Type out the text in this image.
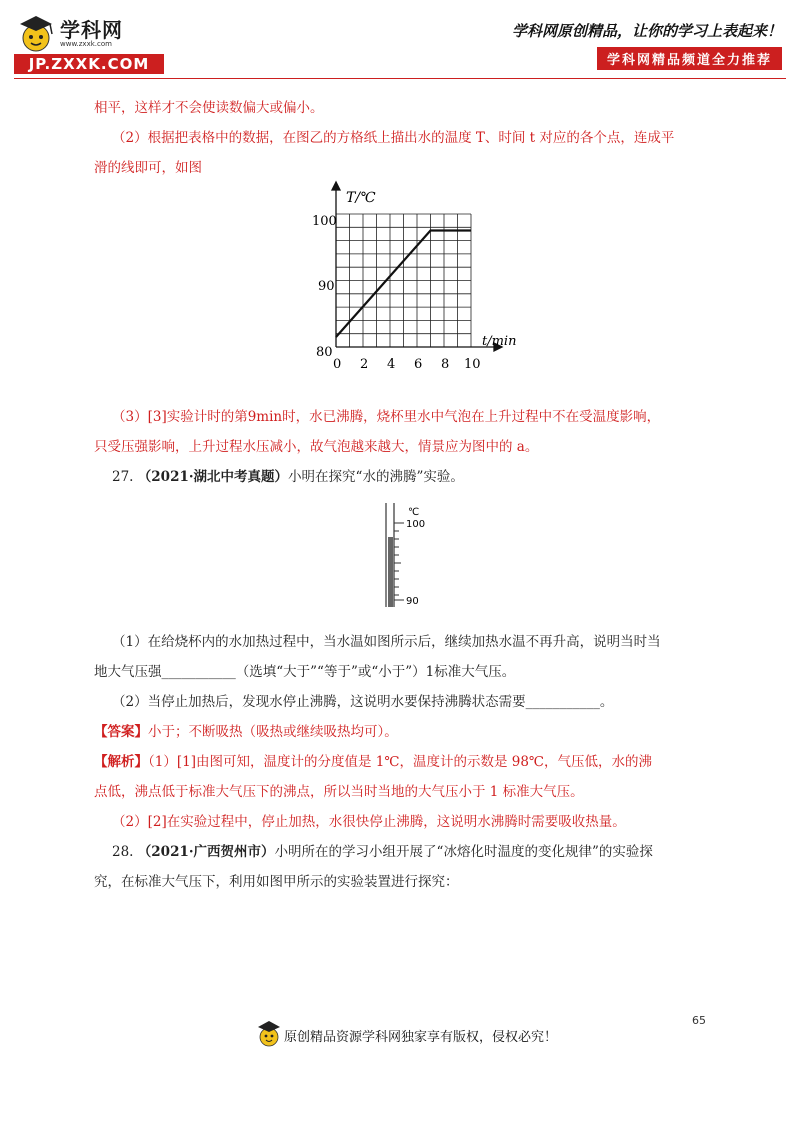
学科网
www.zxxk.com
JP.ZXXK.COM
学科网原创精品，让你的学习上表起来！
学科网精品频道全力推荐
相平，这样才不会使读数偏大或偏小。
（2）根据把表格中的数据，在图乙的方格纸上描出水的温度 T、时间 t 对应的各个点，连成平
滑的线即可，如图
T/℃
t/min
100
90
80
0 2 4 6 8 10
（3）[3]实验计时的第9min时，水已沸腾，烧杯里水中气泡在上升过程中不在受温度影响，
只受压强影响，上升过程水压减小，故气泡越来越大，情景应为图中的 a。
27. （2021·湖北中考真题）小明在探究“水的沸腾”实验。
℃
100
90
（1）在给烧杯内的水加热过程中，当水温如图所示后，继续加热水温不再升高，说明当时当
地大气压强___________（选填“大于”“等于”或“小于”）1标准大气压。
（2）当停止加热后，发现水停止沸腾，这说明水要保持沸腾状态需要___________。
【答案】小于；不断吸热（吸热或继续吸热均可）。
【解析】（1）[1]由图可知，温度计的分度值是 1℃，温度计的示数是 98℃，气压低，水的沸
点低，沸点低于标准大气压下的沸点，所以当时当地的大气压小于 1 标准大气压。
（2）[2]在实验过程中，停止加热，水很快停止沸腾，这说明水沸腾时需要吸收热量。
28. （2021·广西贺州市）小明所在的学习小组开展了“冰熔化时温度的变化规律”的实验探
究，在标准大气压下，利用如图甲所示的实验装置进行探究：
65
原创精品资源学科网独家享有版权，侵权必究！
